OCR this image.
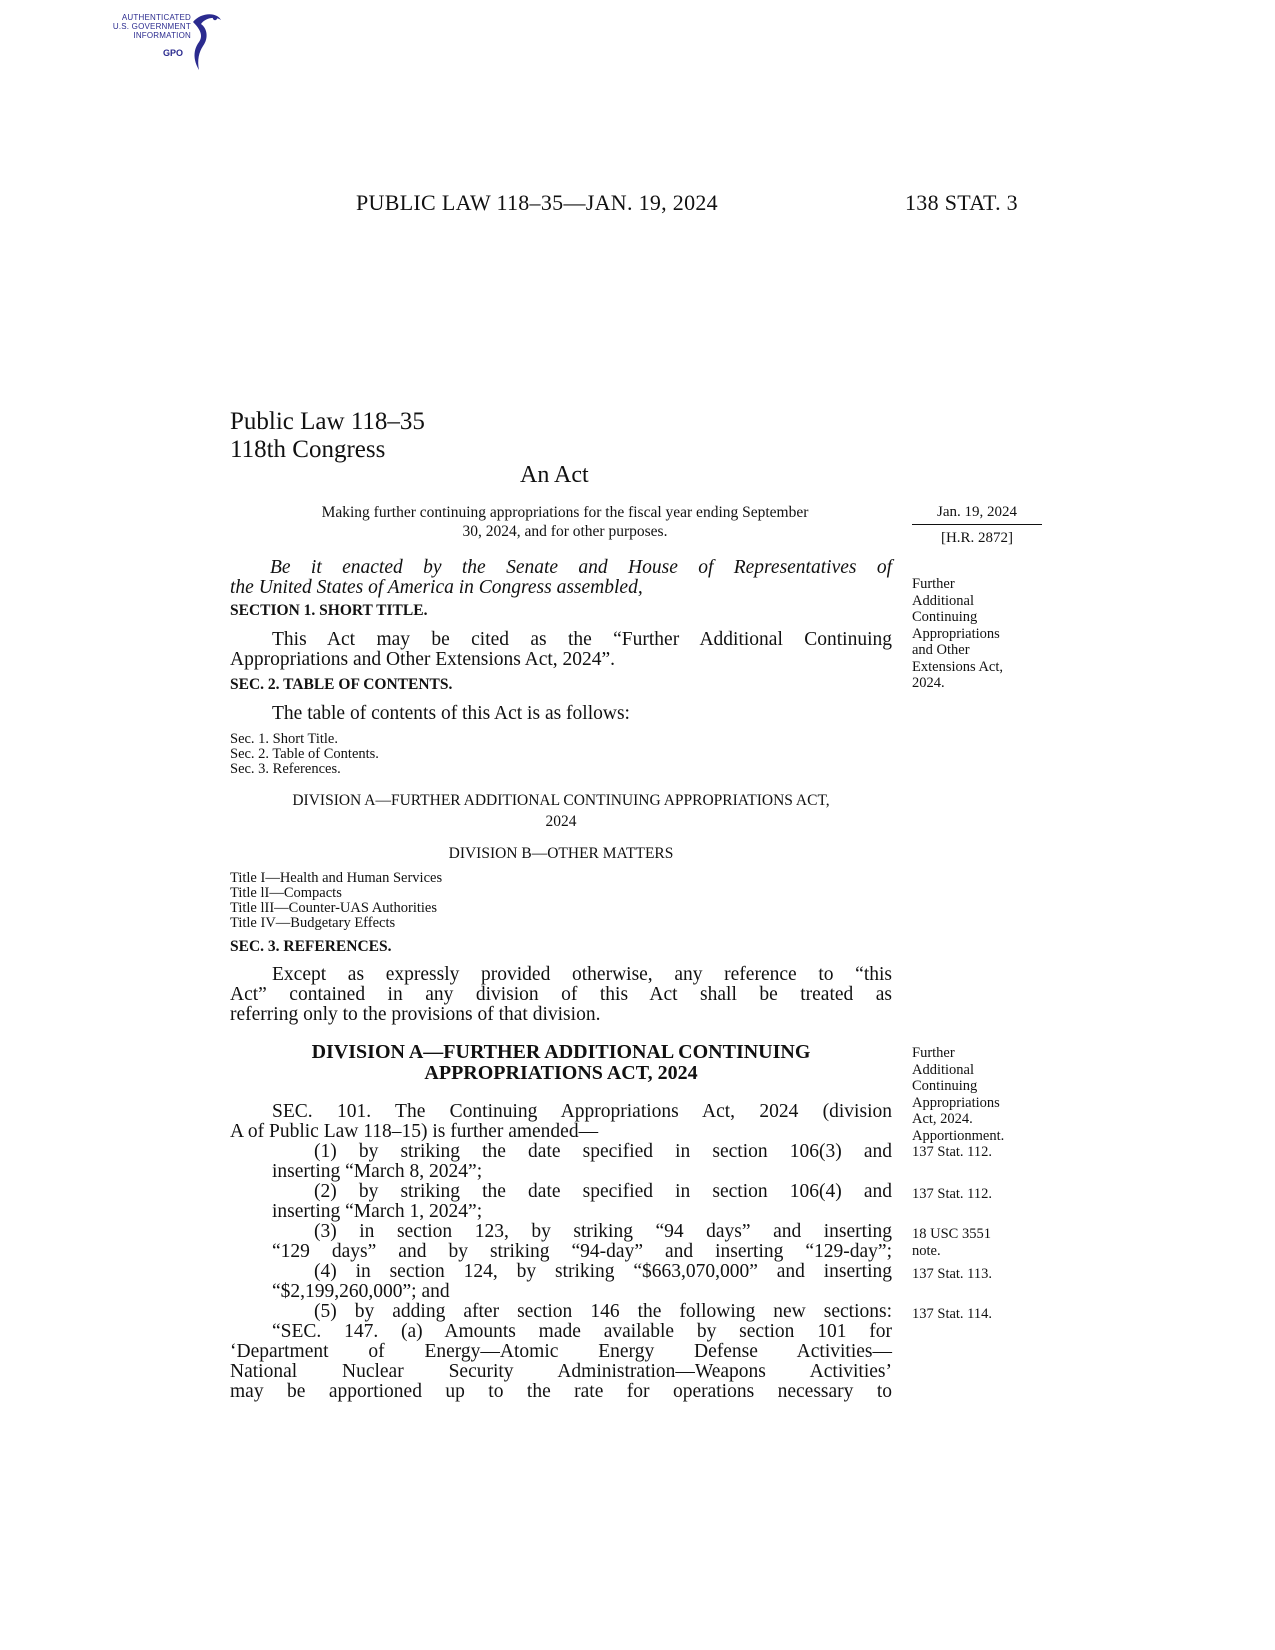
AUTHENTICATED
U.S. GOVERNMENT
INFORMATION
GPO
PUBLIC LAW 118–35—JAN. 19, 2024	138 STAT. 3
Public Law 118–35
118th Congress
An Act
Making further continuing appropriations for the fiscal year ending September
30, 2024, and for other purposes.
Jan. 19, 2024
[H.R. 2872]
Be it enacted by the Senate and House of Representatives of
the United States of America in Congress assembled,
SECTION 1. SHORT TITLE.
This Act may be cited as the “Further Additional Continuing
Appropriations and Other Extensions Act, 2024”.
Further
Additional
Continuing
Appropriations
and Other
Extensions Act,
2024.
SEC. 2. TABLE OF CONTENTS.
The table of contents of this Act is as follows:
Sec. 1. Short Title.
Sec. 2. Table of Contents.
Sec. 3. References.
DIVISION A—FURTHER ADDITIONAL CONTINUING APPROPRIATIONS ACT,
2024
DIVISION B—OTHER MATTERS
Title I—Health and Human Services
Title lI—Compacts
Title lII—Counter-UAS Authorities
Title IV—Budgetary Effects
SEC. 3. REFERENCES.
Except as expressly provided otherwise, any reference to “this
Act” contained in any division of this Act shall be treated as
referring only to the provisions of that division.
DIVISION A—FURTHER ADDITIONAL CONTINUING
APPROPRIATIONS ACT, 2024
SEC. 101. The Continuing Appropriations Act, 2024 (division
A of Public Law 118–15) is further amended—
(1) by striking the date specified in section 106(3) and
inserting “March 8, 2024”;
(2) by striking the date specified in section 106(4) and
inserting “March 1, 2024”;
(3) in section 123, by striking “94 days” and inserting
“129 days” and by striking “94-day” and inserting “129-day”;
(4) in section 124, by striking “$663,070,000” and inserting
“$2,199,260,000”; and
(5) by adding after section 146 the following new sections:
“SEC. 147. (a) Amounts made available by section 101 for
‘Department of Energy—Atomic Energy Defense Activities—
National Nuclear Security Administration—Weapons Activities’
may be apportioned up to the rate for operations necessary to
Further
Additional
Continuing
Appropriations
Act, 2024.
Apportionment.
137 Stat. 112.
137 Stat. 112.
18 USC 3551
note.
137 Stat. 113.
137 Stat. 114.
